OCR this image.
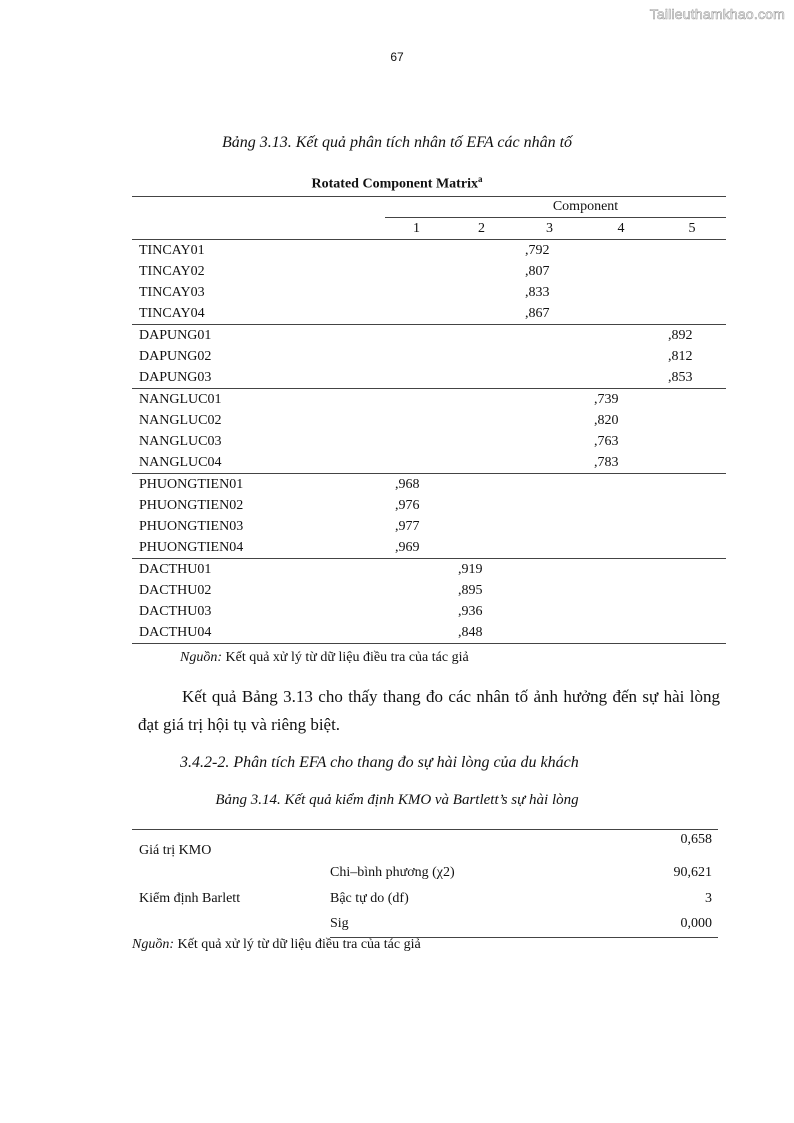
Tailieuthamkhao.com
67
Bảng 3.13. Kết quả phân tích nhân tố EFA các nhân tố
Rotated Component Matrix$^a$
	Component				
	1	2	3	4	5
TINCAY01			,792		
TINCAY02			,807		
TINCAY03			,833		
TINCAY04			,867		
DAPUNG01					,892
DAPUNG02					,812
DAPUNG03					,853
NANGLUC01				,739	
NANGLUC02				,820	
NANGLUC03				,763	
NANGLUC04				,783	
PHUONGTIEN01	,968				
PHUONGTIEN02	,976				
PHUONGTIEN03	,977				
PHUONGTIEN04	,969				
DACTHU01		,919			
DACTHU02		,895			
DACTHU03		,936			
DACTHU04		,848			
Nguồn: Kết quả xử lý từ dữ liệu điều tra của tác giả
Kết quả Bảng 3.13 cho thấy thang đo các nhân tố ảnh hưởng đến sự hài lòng
đạt giá trị hội tụ và riêng biệt.
3.4.2-2. Phân tích EFA cho thang đo sự hài lòng của du khách
Bảng 3.14. Kết quả kiểm định KMO và Bartlett’s sự hài lòng
Giá trị KMO		0,658
Kiểm định Barlett	Chi–bình phương (χ2)	90,621
	Bậc tự do (df)	3
	Sig	0,000
Nguồn: Kết quả xử lý từ dữ liệu điều tra của tác giả
